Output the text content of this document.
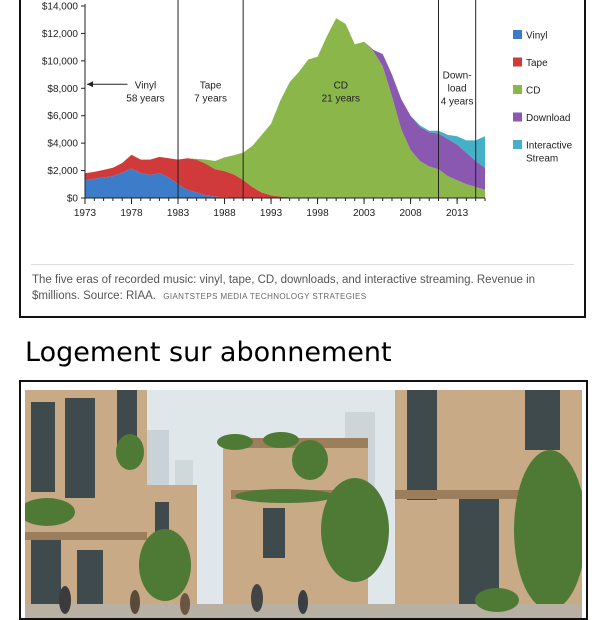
$0
$2,000
$4,000
$6,000
$8,000
$10,000
$12,000
$14,000
1973 1978 1983 1988 1993 1998 2003 2008 2013
Vinyl
58 years
Tape
7 years
CD
21 years
Down-
load
4 years
Vinyl
Tape
CD
Download
Interactive
Stream
The five eras of recorded music: vinyl, tape, CD, downloads, and interactive streaming. Revenue in $millions. Source: RIAA. GIANTSTEPS MEDIA TECHNOLOGY STRATEGIES
Logement sur abonnement
